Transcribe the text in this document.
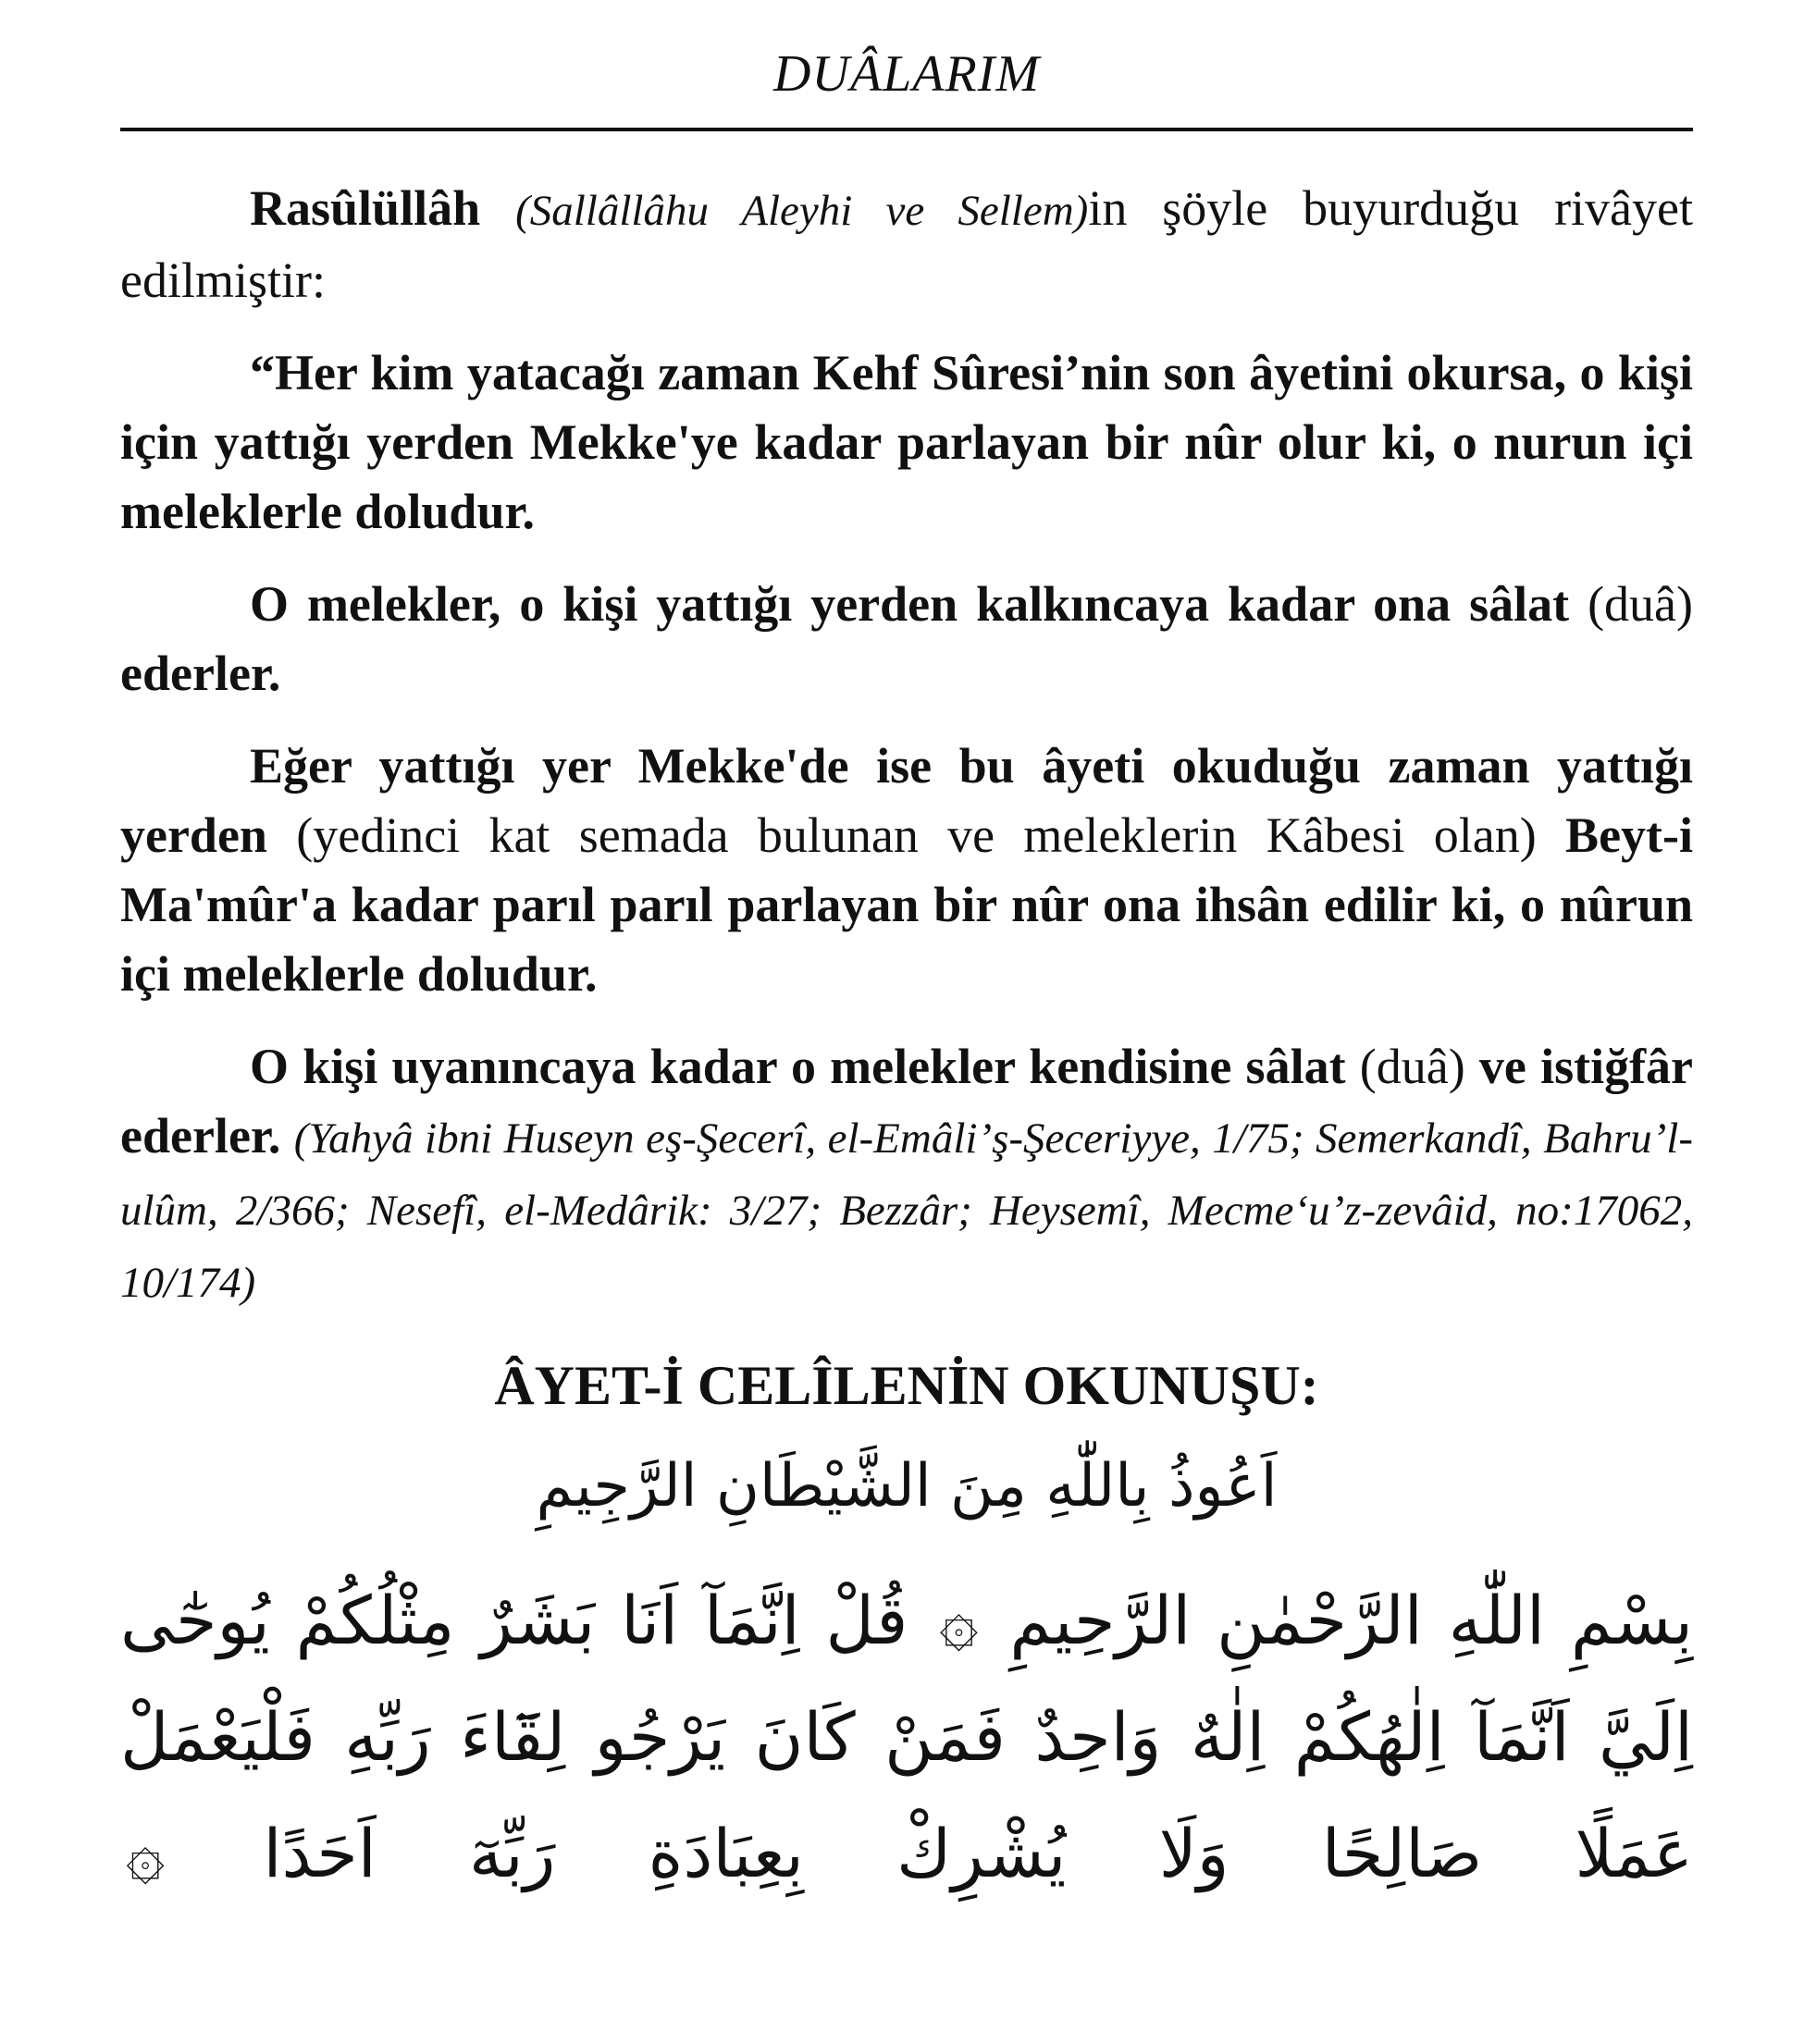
DUÂLARIM

Rasûlüllâh (Sallâllâhu Aleyhi ve Sellem)in şöyle buyurduğu rivâyet edilmiştir:

“Her kim yatacağı zaman Kehf Sûresi’nin son âyetini okursa, o kişi için yattığı yerden Mekke'ye kadar parlayan bir nûr olur ki, o nurun içi meleklerle doludur.

O melekler, o kişi yattığı yerden kalkıncaya kadar ona sâlat (duâ) ederler.

Eğer yattığı yer Mekke'de ise bu âyeti okuduğu zaman yattığı yerden (yedinci kat semada bulunan ve meleklerin Kâbesi olan) Beyt-i Ma'mûr'a kadar parıl parıl parlayan bir nûr ona ihsân edilir ki, o nûrun içi meleklerle doludur.

O kişi uyanıncaya kadar o melekler kendisine sâlat (duâ) ve istiğfâr ederler. (Yahyâ ibni Huseyn eş-Şecerî, el-Emâli’ş-Şeceriyye, 1/75; Semerkandî, Bahru’l-ulûm, 2/366; Nesefî, el-Medârik: 3/27; Bezzâr; Heysemî, Mecme‘u’z-zevâid, no:17062, 10/174)

ÂYET-İ CELÎLENİN OKUNUŞU:
اَعُوذُ بِاللّٰهِ مِنَ الشَّيْطَانِ الرَّجِيمِ
بِسْمِ اللّٰهِ الرَّحْمٰنِ الرَّحِيمِ ۞ قُلْ اِنَّمَآ اَنَا بَشَرٌ مِثْلُكُمْ يُوحٰٓى اِلَيَّ اَنَّمَآ اِلٰهُكُمْ اِلٰهٌ وَاحِدٌ فَمَنْ كَانَ يَرْجُو لِقَٓاءَ رَبِّهِ فَلْيَعْمَلْ عَمَلًا صَالِحًا وَلَا يُشْرِكْ بِعِبَادَةِ رَبِّهٓ اَحَدًا ۞
